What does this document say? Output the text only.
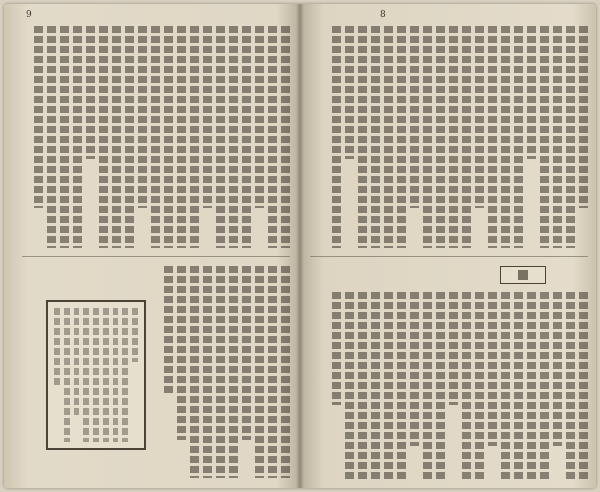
9	8
